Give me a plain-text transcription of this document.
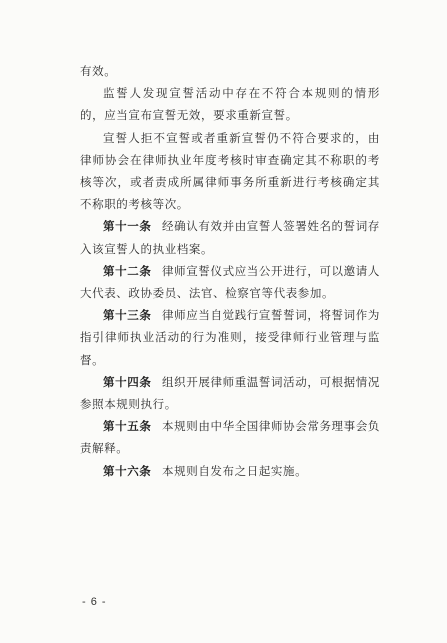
有效。

监誓人发现宣誓活动中存在不符合本规则的情形的，应当宣布宣誓无效，要求重新宣誓。

宣誓人拒不宣誓或者重新宣誓仍不符合要求的，由律师协会在律师执业年度考核时审查确定其不称职的考核等次，或者责成所属律师事务所重新进行考核确定其不称职的考核等次。

第十一条  经确认有效并由宣誓人签署姓名的誓词存入该宣誓人的执业档案。

第十二条  律师宣誓仪式应当公开进行，可以邀请人大代表、政协委员、法官、检察官等代表参加。

第十三条  律师应当自觉践行宣誓誓词，将誓词作为指引律师执业活动的行为准则，接受律师行业管理与监督。

第十四条  组织开展律师重温誓词活动，可根据情况参照本规则执行。

第十五条  本规则由中华全国律师协会常务理事会负责解释。

第十六条  本规则自发布之日起实施。

- 6 -
